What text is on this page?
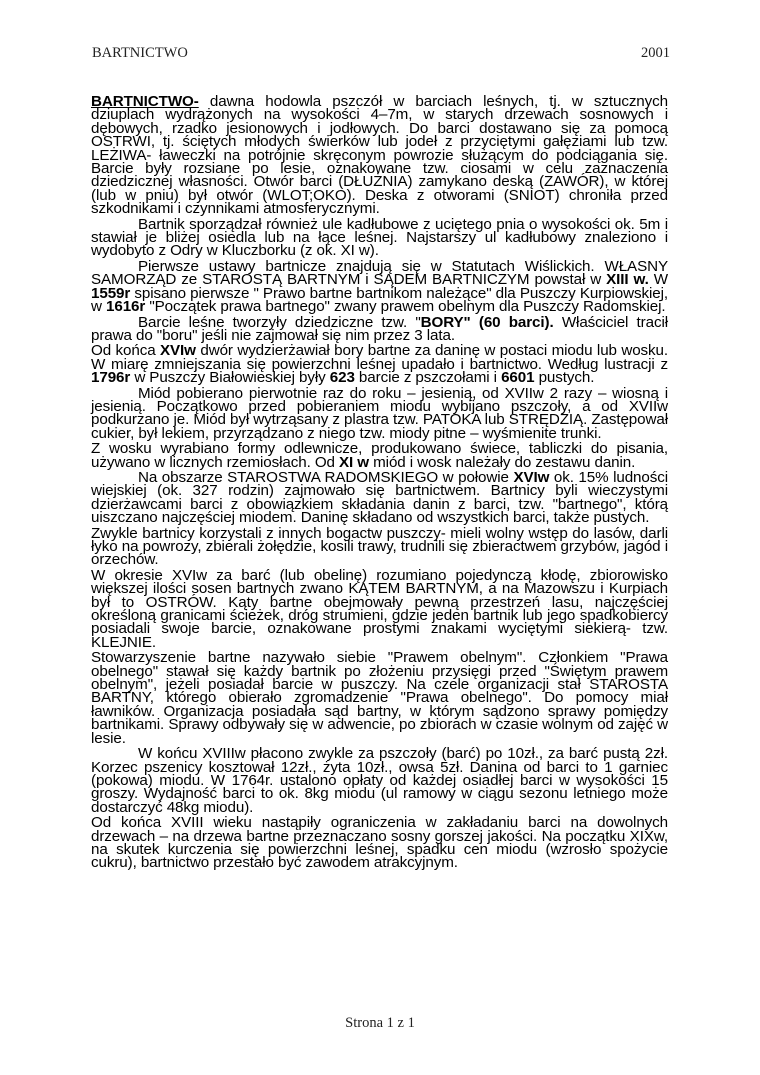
BARTNICTWO	2001

BARTNICTWO- dawna hodowla pszczół w barciach leśnych, tj. w sztucznych dziuplach wydrążonych na wysokości 4–7m, w starych drzewach sosnowych i dębowych, rzadko jesionowych i jodłowych. Do barci dostawano się za pomocą OSTRWI, tj. ściętych młodych świerków lub jodeł z przyciętymi gałęziami lub tzw. LEŻIWA- ławeczki na potrójnie skręconym powrozie służącym do podciągania się. Barcie były rozsiane po lesie, oznakowane tzw. ciosami w celu zaznaczenia dziedzicznej własności. Otwór barci (DŁUŻNIA) zamykano deską (ZAWÓR), w której (lub w pniu) był otwór (WLOT;OKO). Deska z otworami (SNIOT) chroniła przed szkodnikami i czynnikami atmosferycznymi.

Bartnik sporządzał również ule kadłubowe z uciętego pnia o wysokości ok. 5m i stawiał je bliżej osiedla lub na łące leśnej. Najstarszy ul kadłubowy znaleziono i wydobyto z Odry w Kluczborku (z ok. XI w).

Pierwsze ustawy bartnicze znajdują się w Statutach Wiślickich. WŁASNY SAMORZĄD ze STAROSTĄ BARTNYM i SĄDEM BARTNICZYM powstał w XIII w. W 1559r spisano pierwsze " Prawo bartne bartnikom należące" dla Puszczy Kurpiowskiej, w 1616r "Początek prawa bartnego" zwany prawem obelnym dla Puszczy Radomskiej.

Barcie leśne tworzyły dziedziczne tzw. "BORY" (60 barci). Właściciel tracił prawa do "boru" jeśli nie zajmował się nim przez 3 lata.

Od końca XVIw dwór wydzierżawiał bory bartne za daninę w postaci miodu lub wosku. W miarę zmniejszania się powierzchni leśnej upadało i bartnictwo. Według lustracji z 1796r w Puszczy Białowieskiej były 623 barcie z pszczołami i 6601 pustych.

Miód pobierano pierwotnie raz do roku – jesienią, od XVIIw 2 razy – wiosną i jesienią. Początkowo przed pobieraniem miodu wybijano pszczoły, a od XVIIw podkurzano je. Miód był wytrząsany z plastra tzw. PATOKA lub STRĘDZIĄ. Zastępował cukier, był lekiem, przyrządzano z niego tzw. miody pitne – wyśmienite trunki.

Z wosku wyrabiano formy odlewnicze, produkowano świece, tabliczki do pisania, używano w licznych rzemiosłach. Od XI w miód i wosk należały do zestawu danin.

Na obszarze STAROSTWA RADOMSKIEGO w połowie XVIw ok. 15% ludności wiejskiej (ok. 327 rodzin) zajmowało się bartnictwem. Bartnicy byli wieczystymi dzierżawcami barci z obowiązkiem składania danin z barci, tzw. "bartnego", którą uiszczano najczęściej miodem. Daninę składano od wszystkich barci, także pustych.

Zwykle bartnicy korzystali z innych bogactw puszczy- mieli wolny wstęp do lasów, darli łyko na powrozy, zbierali żołędzie, kosili trawy, trudnili się zbieractwem grzybów, jagód i orzechów.

W okresie XVIw za barć (lub obelinę) rozumiano pojedynczą kłodę, zbiorowisko większej ilości sosen bartnych zwano KĄTEM BARTNYM, a na Mazowszu i Kurpiach był to OSTRÓW. Kąty bartne obejmowały pewną przestrzeń lasu, najczęściej określoną granicami ścieżek, dróg strumieni, gdzie jeden bartnik lub jego spadkobiercy posiadali swoje barcie, oznakowane prostymi znakami wyciętymi siekierą- tzw. KLEJNIE.

Stowarzyszenie bartne nazywało siebie "Prawem obelnym". Członkiem "Prawa obelnego" stawał się każdy bartnik po złożeniu przysięgi przed "Świętym prawem obelnym", jeżeli posiadał barcie w puszczy. Na czele organizacji stał STAROSTA BARTNY, którego obierało zgromadzenie "Prawa obelnego". Do pomocy miał ławników. Organizacja posiadała sąd bartny, w którym sądzono sprawy pomiędzy bartnikami. Sprawy odbywały się w adwencie, po zbiorach w czasie wolnym od zajęć w lesie.

W końcu XVIIIw płacono zwykle za pszczoły (barć) po 10zł., za barć pustą 2zł. Korzec pszenicy kosztował 12zł., żyta 10zł., owsa 5zł. Danina od barci to 1 garniec (pokowa) miodu. W 1764r. ustalono opłaty od każdej osiadłej barci w wysokości 15 groszy. Wydajność barci to ok. 8kg miodu (ul ramowy w ciągu sezonu letniego może dostarczyć 48kg miodu).

Od końca XVIII wieku nastąpiły ograniczenia w zakładaniu barci na dowolnych drzewach – na drzewa bartne przeznaczano sosny gorszej jakości. Na początku XIXw, na skutek kurczenia się powierzchni leśnej, spadku cen miodu (wzrosło spożycie cukru), bartnictwo przestało być zawodem atrakcyjnym.

Strona 1 z 1
